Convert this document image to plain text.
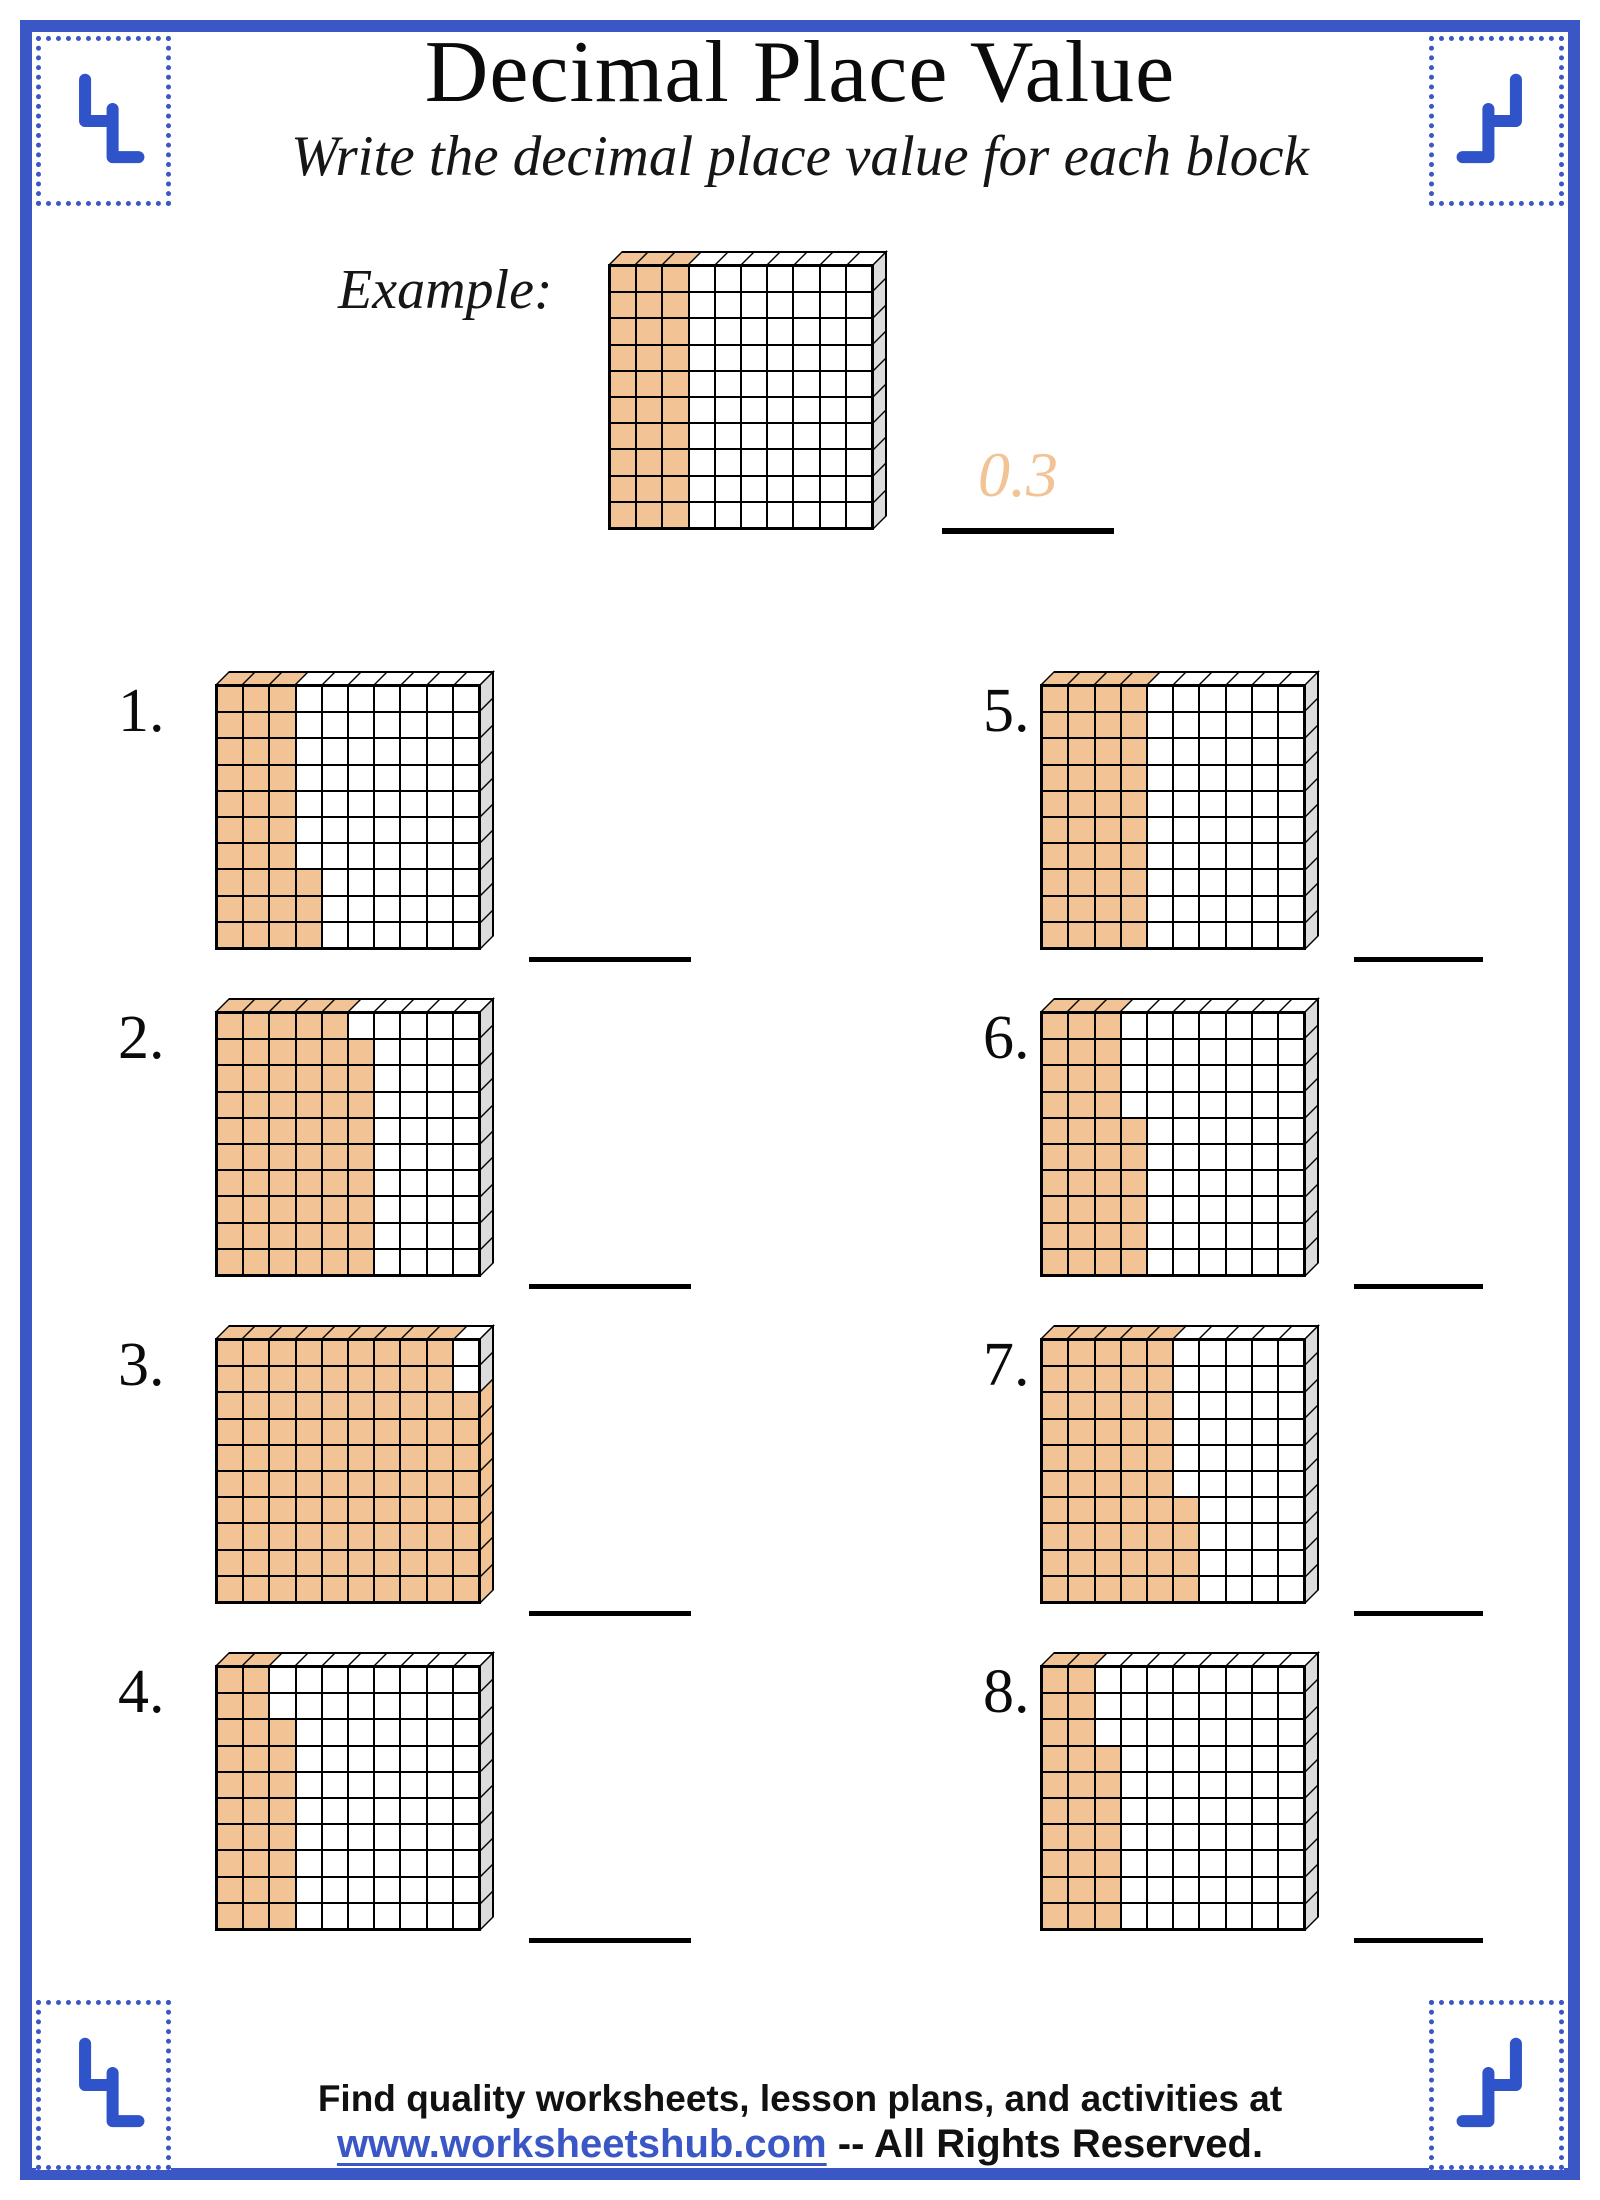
Decimal Place Value
Write the decimal place value for each block
Example:
0.3
1.	5.
2.	6.
3.	7.
4.	8.
Find quality worksheets, lesson plans, and activities at
www.worksheetshub.com -- All Rights Reserved.
